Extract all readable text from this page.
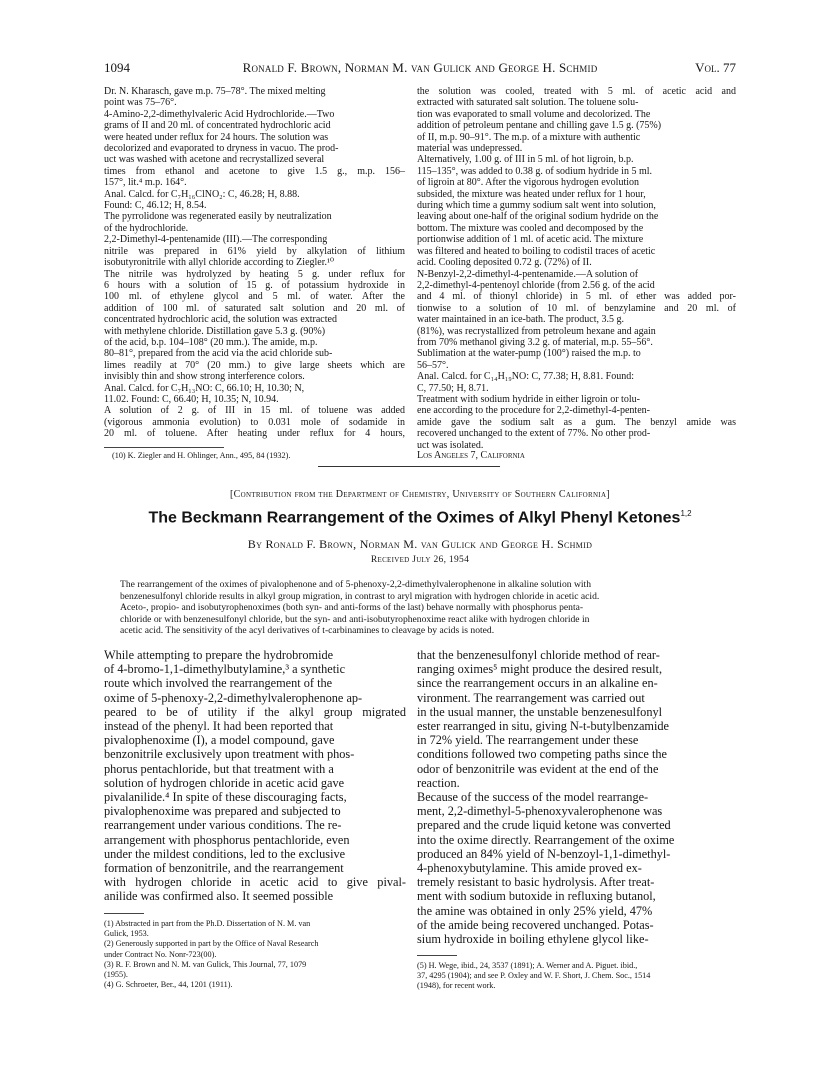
1094	Ronald F. Brown, Norman M. van Gulick and George H. Schmid	Vol. 77
Dr. N. Kharasch, gave m.p. 75–78°. The mixed melting
point was 75–76°.
4-Amino-2,2-dimethylvaleric Acid Hydrochloride.—Two
grams of II and 20 ml. of concentrated hydrochloric acid
were heated under reflux for 24 hours. The solution was
decolorized and evaporated to dryness in vacuo. The prod-
uct was washed with acetone and recrystallized several
times from ethanol and acetone to give 1.5 g., m.p. 156–
157°, lit.⁴ m.p. 164°.
Anal. Calcd. for C₇H₁₆ClNO₂: C, 46.28; H, 8.88.
Found: C, 46.12; H, 8.54.
The pyrrolidone was regenerated easily by neutralization
of the hydrochloride.
2,2-Dimethyl-4-pentenamide (III).—The corresponding
nitrile was prepared in 61% yield by alkylation of lithium
isobutyronitrile with allyl chloride according to Ziegler.¹⁰
The nitrile was hydrolyzed by heating 5 g. under reflux for
6 hours with a solution of 15 g. of potassium hydroxide in
100 ml. of ethylene glycol and 5 ml. of water. After the
addition of 100 ml. of saturated salt solution and 20 ml. of
concentrated hydrochloric acid, the solution was extracted
with methylene chloride. Distillation gave 5.3 g. (90%)
of the acid, b.p. 104–108° (20 mm.). The amide, m.p.
80–81°, prepared from the acid via the acid chloride sub-
limes readily at 70° (20 mm.) to give large sheets which are
invisibly thin and show strong interference colors.
Anal. Calcd. for C₇H₁₃NO: C, 66.10; H, 10.30; N,
11.02. Found: C, 66.40; H, 10.35; N, 10.94.
A solution of 2 g. of III in 15 ml. of toluene was added
(vigorous ammonia evolution) to 0.031 mole of sodamide in
20 ml. of toluene. After heating under reflux for 4 hours,

(10) K. Ziegler and H. Ohlinger, Ann., 495, 84 (1932).

the solution was cooled, treated with 5 ml. of acetic acid and
extracted with saturated salt solution. The toluene solu-
tion was evaporated to small volume and decolorized. The
addition of petroleum pentane and chilling gave 1.5 g. (75%)
of II, m.p. 90–91°. The m.p. of a mixture with authentic
material was undepressed.
Alternatively, 1.00 g. of III in 5 ml. of hot ligroin, b.p.
115–135°, was added to 0.38 g. of sodium hydride in 5 ml.
of ligroin at 80°. After the vigorous hydrogen evolution
subsided, the mixture was heated under reflux for 1 hour,
during which time a gummy sodium salt went into solution,
leaving about one-half of the original sodium hydride on the
bottom. The mixture was cooled and decomposed by the
portionwise addition of 1 ml. of acetic acid. The mixture
was filtered and heated to boiling to codistil traces of acetic
acid. Cooling deposited 0.72 g. (72%) of II.
N-Benzyl-2,2-dimethyl-4-pentenamide.—A solution of
2,2-dimethyl-4-pentenoyl chloride (from 2.56 g. of the acid
and 4 ml. of thionyl chloride) in 5 ml. of ether was added por-
tionwise to a solution of 10 ml. of benzylamine and 20 ml. of
water maintained in an ice-bath. The product, 3.5 g.
(81%), was recrystallized from petroleum hexane and again
from 70% methanol giving 3.2 g. of material, m.p. 55–56°.
Sublimation at the water-pump (100°) raised the m.p. to
56–57°.
Anal. Calcd. for C₁₄H₁₉NO: C, 77.38; H, 8.81. Found:
C, 77.50; H, 8.71.
Treatment with sodium hydride in either ligroin or tolu-
ene according to the procedure for 2,2-dimethyl-4-penten-
amide gave the sodium salt as a gum. The benzyl amide was
recovered unchanged to the extent of 77%. No other prod-
uct was isolated.
Los Angeles 7, California
[Contribution from the Department of Chemistry, University of Southern California]
The Beckmann Rearrangement of the Oximes of Alkyl Phenyl Ketones$^{1,2}$
By Ronald F. Brown, Norman M. van Gulick and George H. Schmid
Received July 26, 1954
The rearrangement of the oximes of pivalophenone and of 5-phenoxy-2,2-dimethylvalerophenone in alkaline solution with
benzenesulfonyl chloride results in alkyl group migration, in contrast to aryl migration with hydrogen chloride in acetic acid.
Aceto-, propio- and isobutyrophenoximes (both syn- and anti-forms of the last) behave normally with phosphorus penta-
chloride or with benzenesulfonyl chloride, but the syn- and anti-isobutyrophenoxime react alike with hydrogen chloride in
acetic acid. The sensitivity of the acyl derivatives of t-carbinamines to cleavage by acids is noted.
While attempting to prepare the hydrobromide
of 4-bromo-1,1-dimethylbutylamine,³ a synthetic
route which involved the rearrangement of the
oxime of 5-phenoxy-2,2-dimethylvalerophenone ap-
peared to be of utility if the alkyl group migrated
instead of the phenyl. It had been reported that
pivalophenoxime (I), a model compound, gave
benzonitrile exclusively upon treatment with phos-
phorus pentachloride, but that treatment with a
solution of hydrogen chloride in acetic acid gave
pivalanilide.⁴ In spite of these discouraging facts,
pivalophenoxime was prepared and subjected to
rearrangement under various conditions. The re-
arrangement with phosphorus pentachloride, even
under the mildest conditions, led to the exclusive
formation of benzonitrile, and the rearrangement
with hydrogen chloride in acetic acid to give pival-
anilide was confirmed also. It seemed possible
(1) Abstracted in part from the Ph.D. Dissertation of N. M. van
Gulick, 1953.
(2) Generously supported in part by the Office of Naval Research
under Contract No. Nonr-723(00).
(3) R. F. Brown and N. M. van Gulick, This Journal, 77, 1079
(1955).
(4) G. Schroeter, Ber., 44, 1201 (1911).
that the benzenesulfonyl chloride method of rear-
ranging oximes⁵ might produce the desired result,
since the rearrangement occurs in an alkaline en-
vironment. The rearrangement was carried out
in the usual manner, the unstable benzenesulfonyl
ester rearranged in situ, giving N-t-butylbenzamide
in 72% yield. The rearrangement under these
conditions followed two competing paths since the
odor of benzonitrile was evident at the end of the
reaction.
Because of the success of the model rearrange-
ment, 2,2-dimethyl-5-phenoxyvalerophenone was
prepared and the crude liquid ketone was converted
into the oxime directly. Rearrangement of the oxime
produced an 84% yield of N-benzoyl-1,1-dimethyl-
4-phenoxybutylamine. This amide proved ex-
tremely resistant to basic hydrolysis. After treat-
ment with sodium butoxide in refluxing butanol,
the amine was obtained in only 25% yield, 47%
of the amide being recovered unchanged. Potas-
sium hydroxide in boiling ethylene glycol like-
(5) H. Wege, ibid., 24, 3537 (1891); A. Werner and A. Piguet. ibid.,
37, 4295 (1904); and see P. Oxley and W. F. Short, J. Chem. Soc., 1514
(1948), for recent work.
